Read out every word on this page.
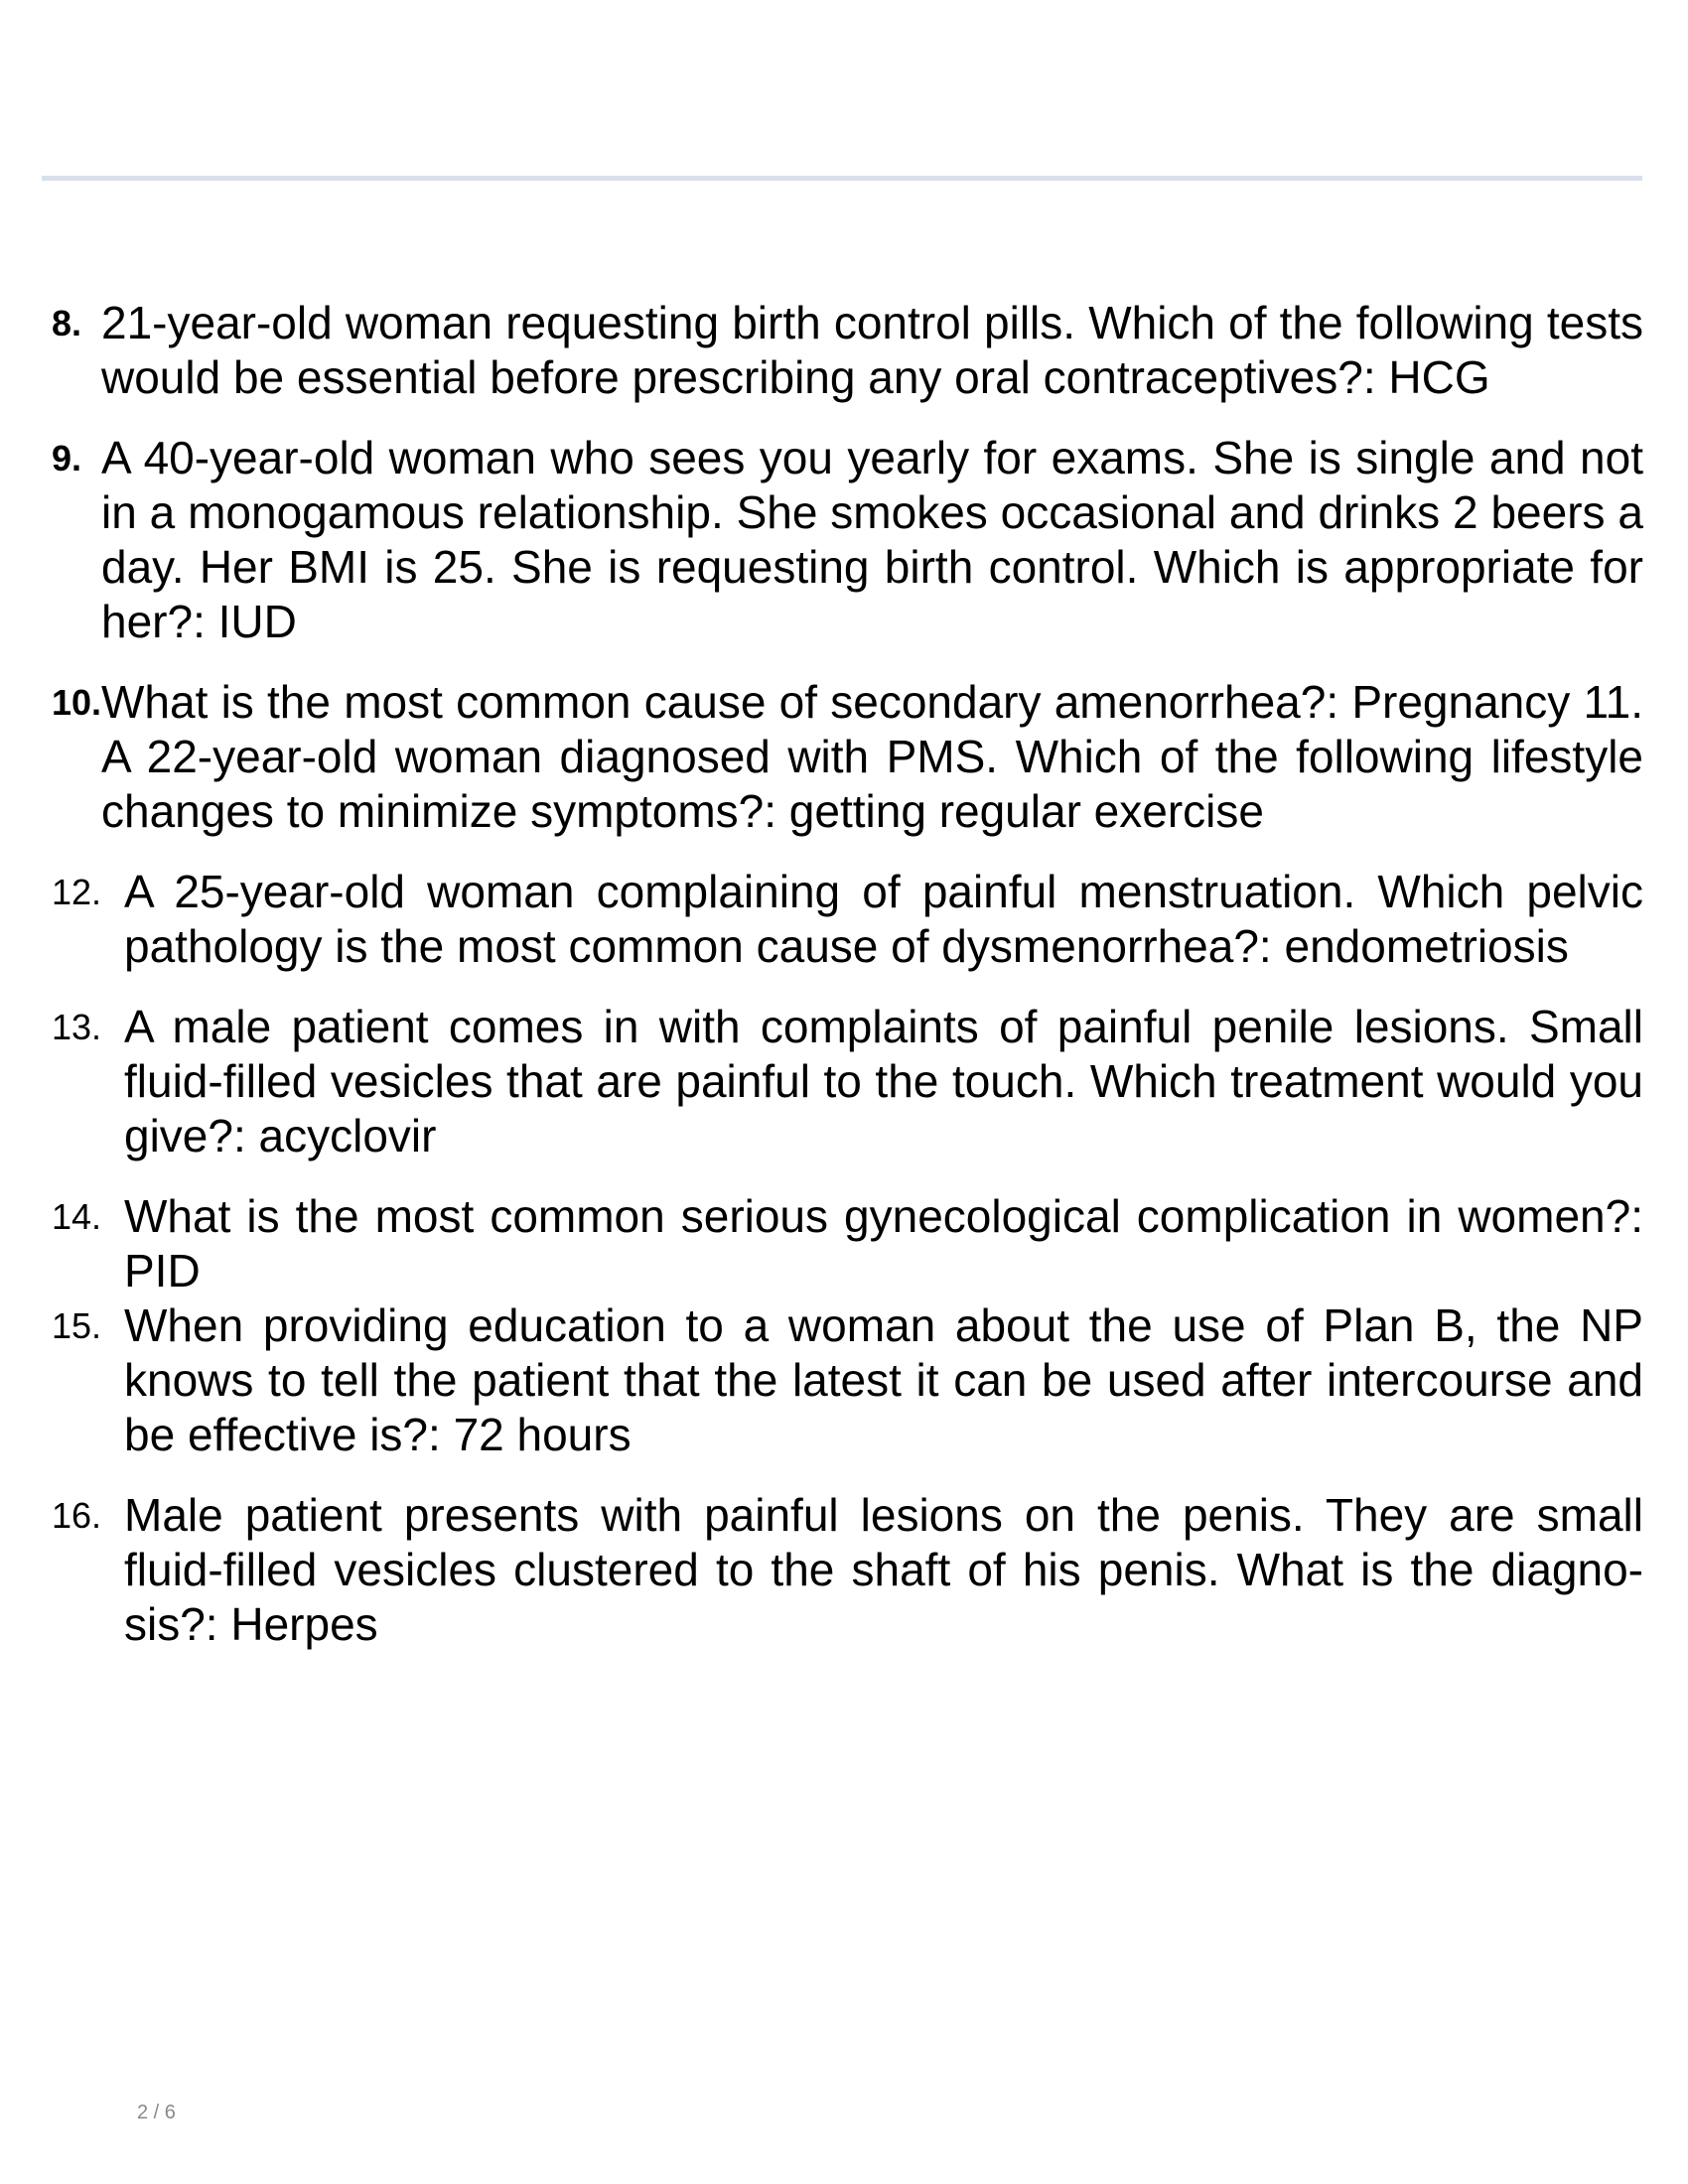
8. 21-year-old woman requesting birth control pills. Which of the following tests would be essential before prescribing any oral contraceptives?: HCG
9. A 40-year-old woman who sees you yearly for exams. She is single and not in a monogamous relationship. She smokes occasional and drinks 2 beers a day. Her BMI is 25. She is requesting birth control. Which is appropriate for her?: IUD
10. What is the most common cause of secondary amenorrhea?: Pregnancy 11. A 22-year-old woman diagnosed with PMS. Which of the following lifestyle changes to minimize symptoms?: getting regular exercise
12. A 25-year-old woman complaining of painful menstruation. Which pelvic pathology is the most common cause of dysmenorrhea?: endometriosis
13. A male patient comes in with complaints of painful penile lesions. Small fluid-filled vesicles that are painful to the touch. Which treatment would you give?: acyclovir
14. What is the most common serious gynecological complication in women?: PID
15. When providing education to a woman about the use of Plan B, the NP knows to tell the patient that the latest it can be used after intercourse and be effective is?: 72 hours
16. Male patient presents with painful lesions on the penis. They are small fluid-filled vesicles clustered to the shaft of his penis. What is the diagno- sis?: Herpes
2 / 6
